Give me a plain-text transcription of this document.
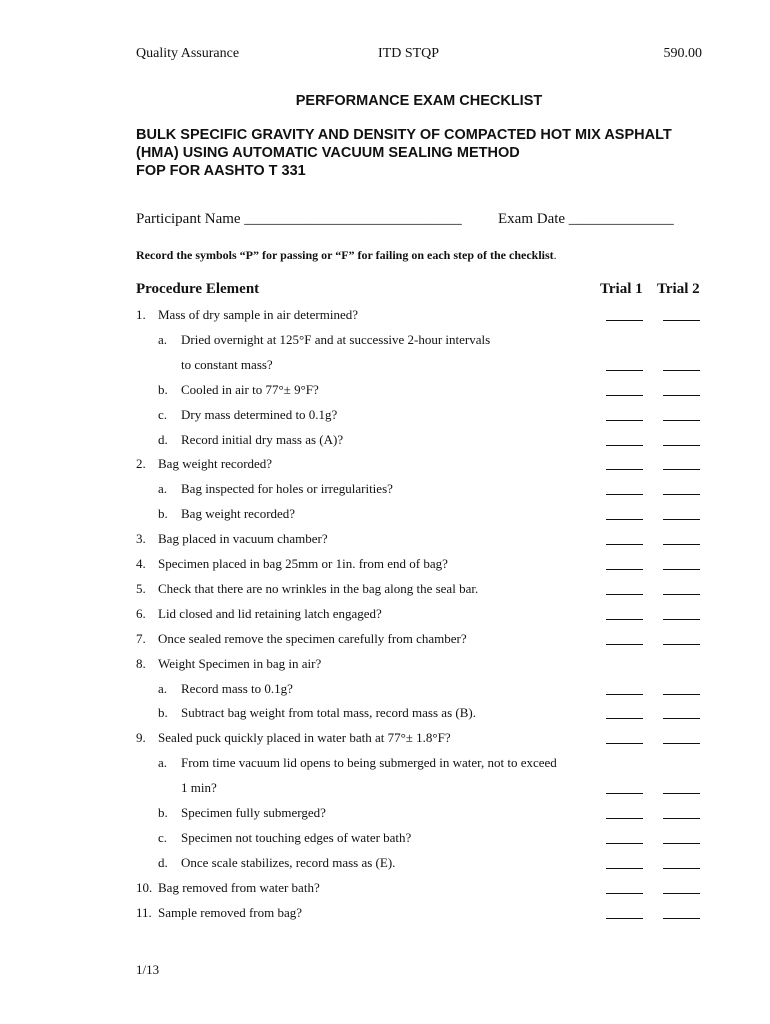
Quality Assurance	ITD STQP	590.00
PERFORMANCE EXAM CHECKLIST
BULK SPECIFIC GRAVITY AND DENSITY OF COMPACTED HOT MIX ASPHALT
(HMA) USING AUTOMATIC VACUUM SEALING METHOD
FOP FOR AASHTO T 331
Participant Name _____________________________ Exam Date ______________
Record the symbols “P” for passing or “F” for failing on each step of the checklist.
Procedure Element	Trial 1 Trial 2
1. Mass of dry sample in air determined?
a. Dried overnight at 125°F and at successive 2-hour intervals
to constant mass?
b. Cooled in air to 77°± 9°F?
c. Dry mass determined to 0.1g?
d. Record initial dry mass as (A)?
2. Bag weight recorded?
a. Bag inspected for holes or irregularities?
b. Bag weight recorded?
3. Bag placed in vacuum chamber?
4. Specimen placed in bag 25mm or 1in. from end of bag?
5. Check that there are no wrinkles in the bag along the seal bar.
6. Lid closed and lid retaining latch engaged?
7. Once sealed remove the specimen carefully from chamber?
8. Weight Specimen in bag in air?
a. Record mass to 0.1g?
b. Subtract bag weight from total mass, record mass as (B).
9. Sealed puck quickly placed in water bath at 77°± 1.8°F?
a. From time vacuum lid opens to being submerged in water, not to exceed
1 min?
b. Specimen fully submerged?
c. Specimen not touching edges of water bath?
d. Once scale stabilizes, record mass as (E).
10. Bag removed from water bath?
11. Sample removed from bag?
1/13
